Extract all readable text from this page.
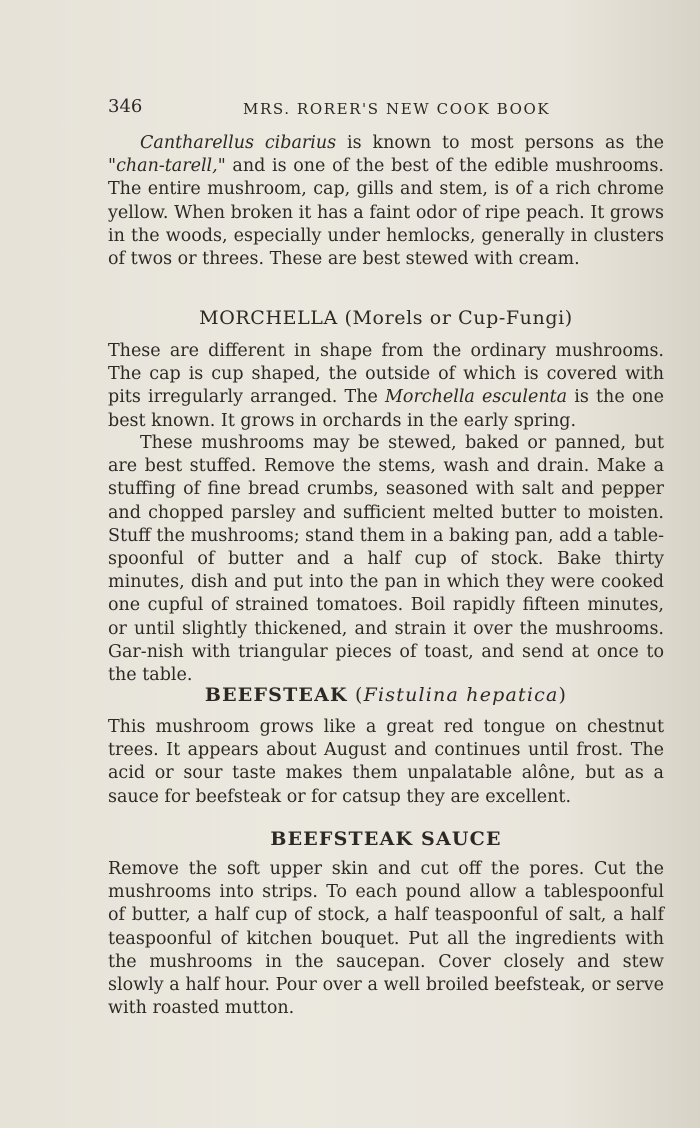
346	MRS. RORER'S NEW COOK BOOK

Cantharellus cibarius is known to most persons as the "chan-tarell," and is one of the best of the edible mushrooms. The entire mushroom, cap, gills and stem, is of a rich chrome yellow. When broken it has a faint odor of ripe peach. It grows in the woods, especially under hemlocks, generally in clusters of twos or threes. These are best stewed with cream.

MORCHELLA (Morels or Cup-Fungi)

These are different in shape from the ordinary mushrooms. The cap is cup shaped, the outside of which is covered with pits irregularly arranged. The Morchella esculenta is the one best known. It grows in orchards in the early spring.

These mushrooms may be stewed, baked or panned, but are best stuffed. Remove the stems, wash and drain. Make a stuffing of fine bread crumbs, seasoned with salt and pepper and chopped parsley and sufficient melted butter to moisten. Stuff the mushrooms; stand them in a baking pan, add a table-spoonful of butter and a half cup of stock. Bake thirty minutes, dish and put into the pan in which they were cooked one cupful of strained tomatoes. Boil rapidly fifteen minutes, or until slightly thickened, and strain it over the mushrooms. Gar-nish with triangular pieces of toast, and send at once to the table.

BEEFSTEAK (Fistulina hepatica)

This mushroom grows like a great red tongue on chestnut trees. It appears about August and continues until frost. The acid or sour taste makes them unpalatable alône, but as a sauce for beefsteak or for catsup they are excellent.

BEEFSTEAK SAUCE

Remove the soft upper skin and cut off the pores. Cut the mushrooms into strips. To each pound allow a tablespoonful of butter, a half cup of stock, a half teaspoonful of salt, a half teaspoonful of kitchen bouquet. Put all the ingredients with the mushrooms in the saucepan. Cover closely and stew slowly a half hour. Pour over a well broiled beefsteak, or serve with roasted mutton.
